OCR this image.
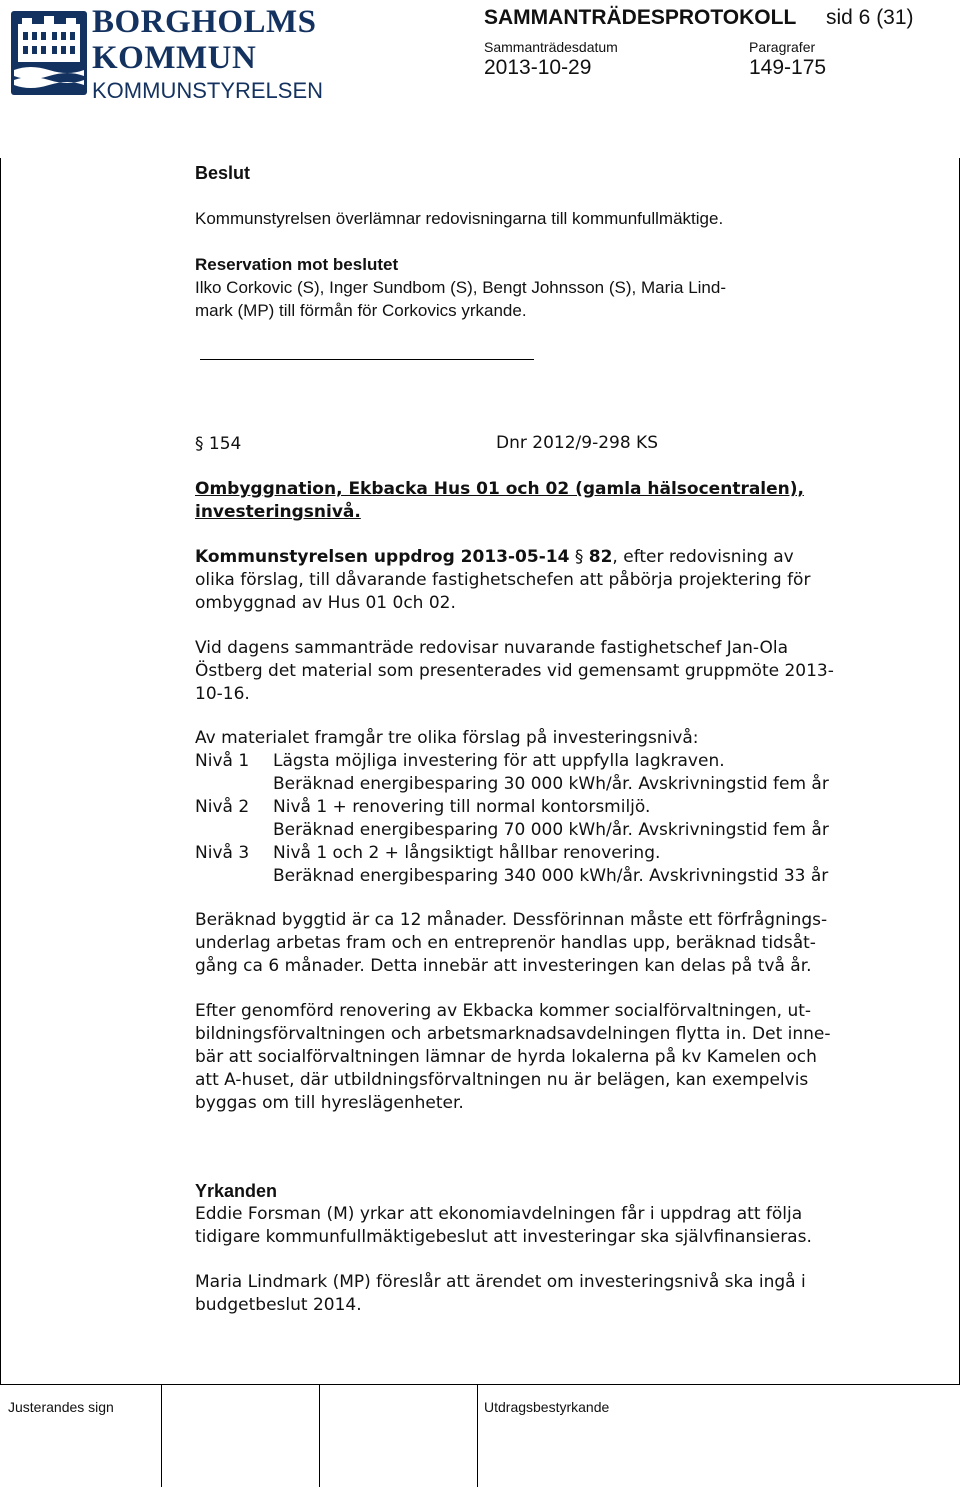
BORGHOLMS
KOMMUN
KOMMUNSTYRELSEN
SAMMANTRÄDESPROTOKOLL sid 6 (31)
Sammanträdesdatum	Paragrafer
2013-10-29	149-175
Beslut
Kommunstyrelsen överlämnar redovisningarna till kommunfullmäktige.
Reservation mot beslutet
Ilko Corkovic (S), Inger Sundbom (S), Bengt Johnsson (S), Maria Lind-
mark (MP) till förmån för Corkovics yrkande.
§ 154	Dnr 2012/9-298 KS
Ombyggnation, Ekbacka Hus 01 och 02 (gamla hälsocentralen),
investeringsnivå.
Kommunstyrelsen uppdrog 2013-05-14 § 82, efter redovisning av
olika förslag, till dåvarande fastighetschefen att påbörja projektering för
ombyggnad av Hus 01 0ch 02.
Vid dagens sammanträde redovisar nuvarande fastighetschef Jan-Ola
Östberg det material som presenterades vid gemensamt gruppmöte 2013-
10-16.
Av materialet framgår tre olika förslag på investeringsnivå:
Nivå 1 Lägsta möjliga investering för att uppfylla lagkraven.
Beräknad energibesparing 30 000 kWh/år. Avskrivningstid fem år
Nivå 2 Nivå 1 + renovering till normal kontorsmiljö.
Beräknad energibesparing 70 000 kWh/år. Avskrivningstid fem år
Nivå 3 Nivå 1 och 2 + långsiktigt hållbar renovering.
Beräknad energibesparing 340 000 kWh/år. Avskrivningstid 33 år
Beräknad byggtid är ca 12 månader. Dessförinnan måste ett förfrågnings-
underlag arbetas fram och en entreprenör handlas upp, beräknad tidsåt-
gång ca 6 månader. Detta innebär att investeringen kan delas på två år.
Efter genomförd renovering av Ekbacka kommer socialförvaltningen, ut-
bildningsförvaltningen och arbetsmarknadsavdelningen flytta in. Det inne-
bär att socialförvaltningen lämnar de hyrda lokalerna på kv Kamelen och
att A-huset, där utbildningsförvaltningen nu är belägen, kan exempelvis
byggas om till hyreslägenheter.
Yrkanden
Eddie Forsman (M) yrkar att ekonomiavdelningen får i uppdrag att följa
tidigare kommunfullmäktigebeslut att investeringar ska självfinansieras.
Maria Lindmark (MP) föreslår att ärendet om investeringsnivå ska ingå i
budgetbeslut 2014.
Justerandes sign	Utdragsbestyrkande
